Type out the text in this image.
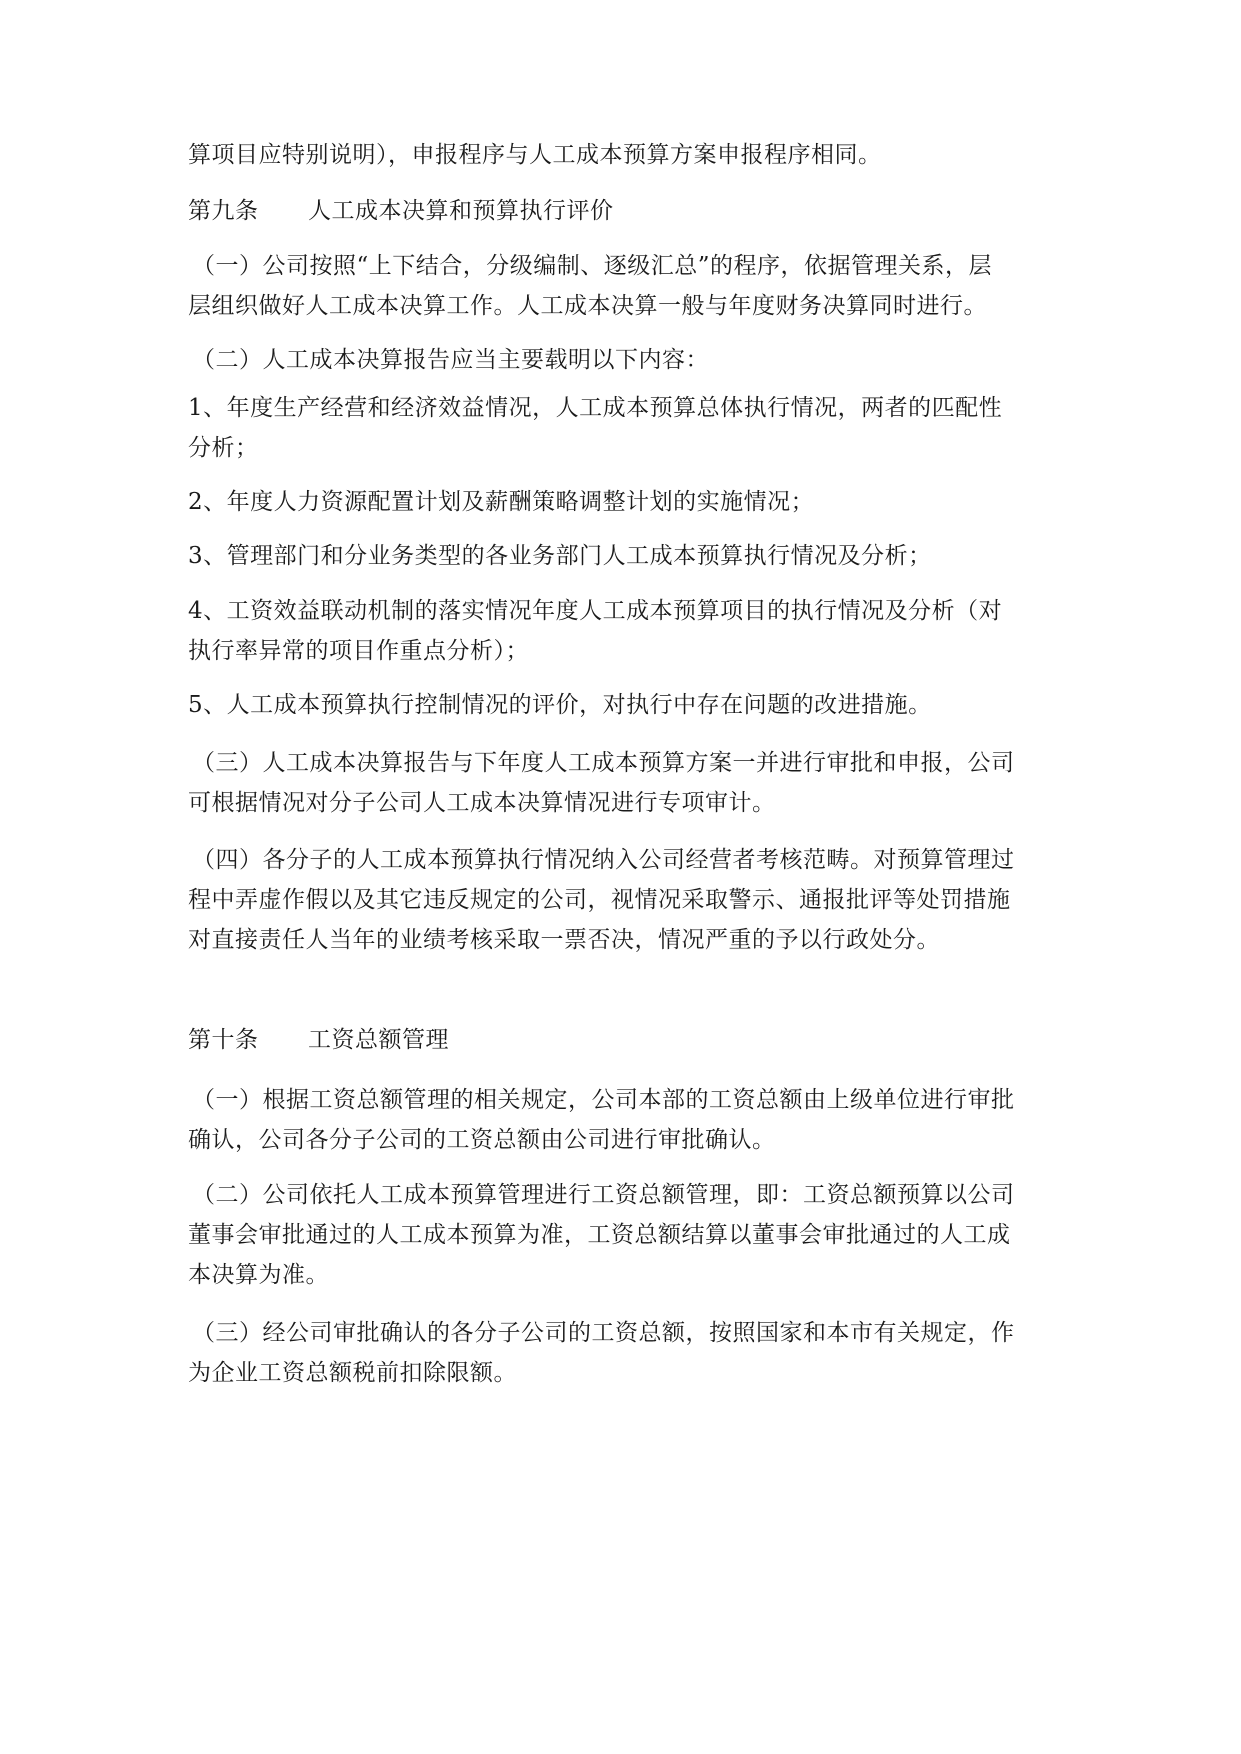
算项目应特别说明），申报程序与人工成本预算方案申报程序相同。

第九条 人工成本决算和预算执行评价

（一）公司按照“上下结合，分级编制、逐级汇总”的程序，依据管理关系，层

层组织做好人工成本决算工作。人工成本决算一般与年度财务决算同时进行。

（二）人工成本决算报告应当主要载明以下内容：

1、年度生产经营和经济效益情况，人工成本预算总体执行情况，两者的匹配性

分析；

2、年度人力资源配置计划及薪酬策略调整计划的实施情况；

3、管理部门和分业务类型的各业务部门人工成本预算执行情况及分析；

4、工资效益联动机制的落实情况年度人工成本预算项目的执行情况及分析（对

执行率异常的项目作重点分析）；

5、人工成本预算执行控制情况的评价，对执行中存在问题的改进措施。

（三）人工成本决算报告与下年度人工成本预算方案一并进行审批和申报，公司

可根据情况对分子公司人工成本决算情况进行专项审计。

（四）各分子的人工成本预算执行情况纳入公司经营者考核范畴。对预算管理过

程中弄虚作假以及其它违反规定的公司，视情况采取警示、通报批评等处罚措施

对直接责任人当年的业绩考核采取一票否决，情况严重的予以行政处分。

第十条 工资总额管理

（一）根据工资总额管理的相关规定，公司本部的工资总额由上级单位进行审批

确认，公司各分子公司的工资总额由公司进行审批确认。

（二）公司依托人工成本预算管理进行工资总额管理，即：工资总额预算以公司

董事会审批通过的人工成本预算为准，工资总额结算以董事会审批通过的人工成

本决算为准。

（三）经公司审批确认的各分子公司的工资总额，按照国家和本市有关规定，作

为企业工资总额税前扣除限额。
